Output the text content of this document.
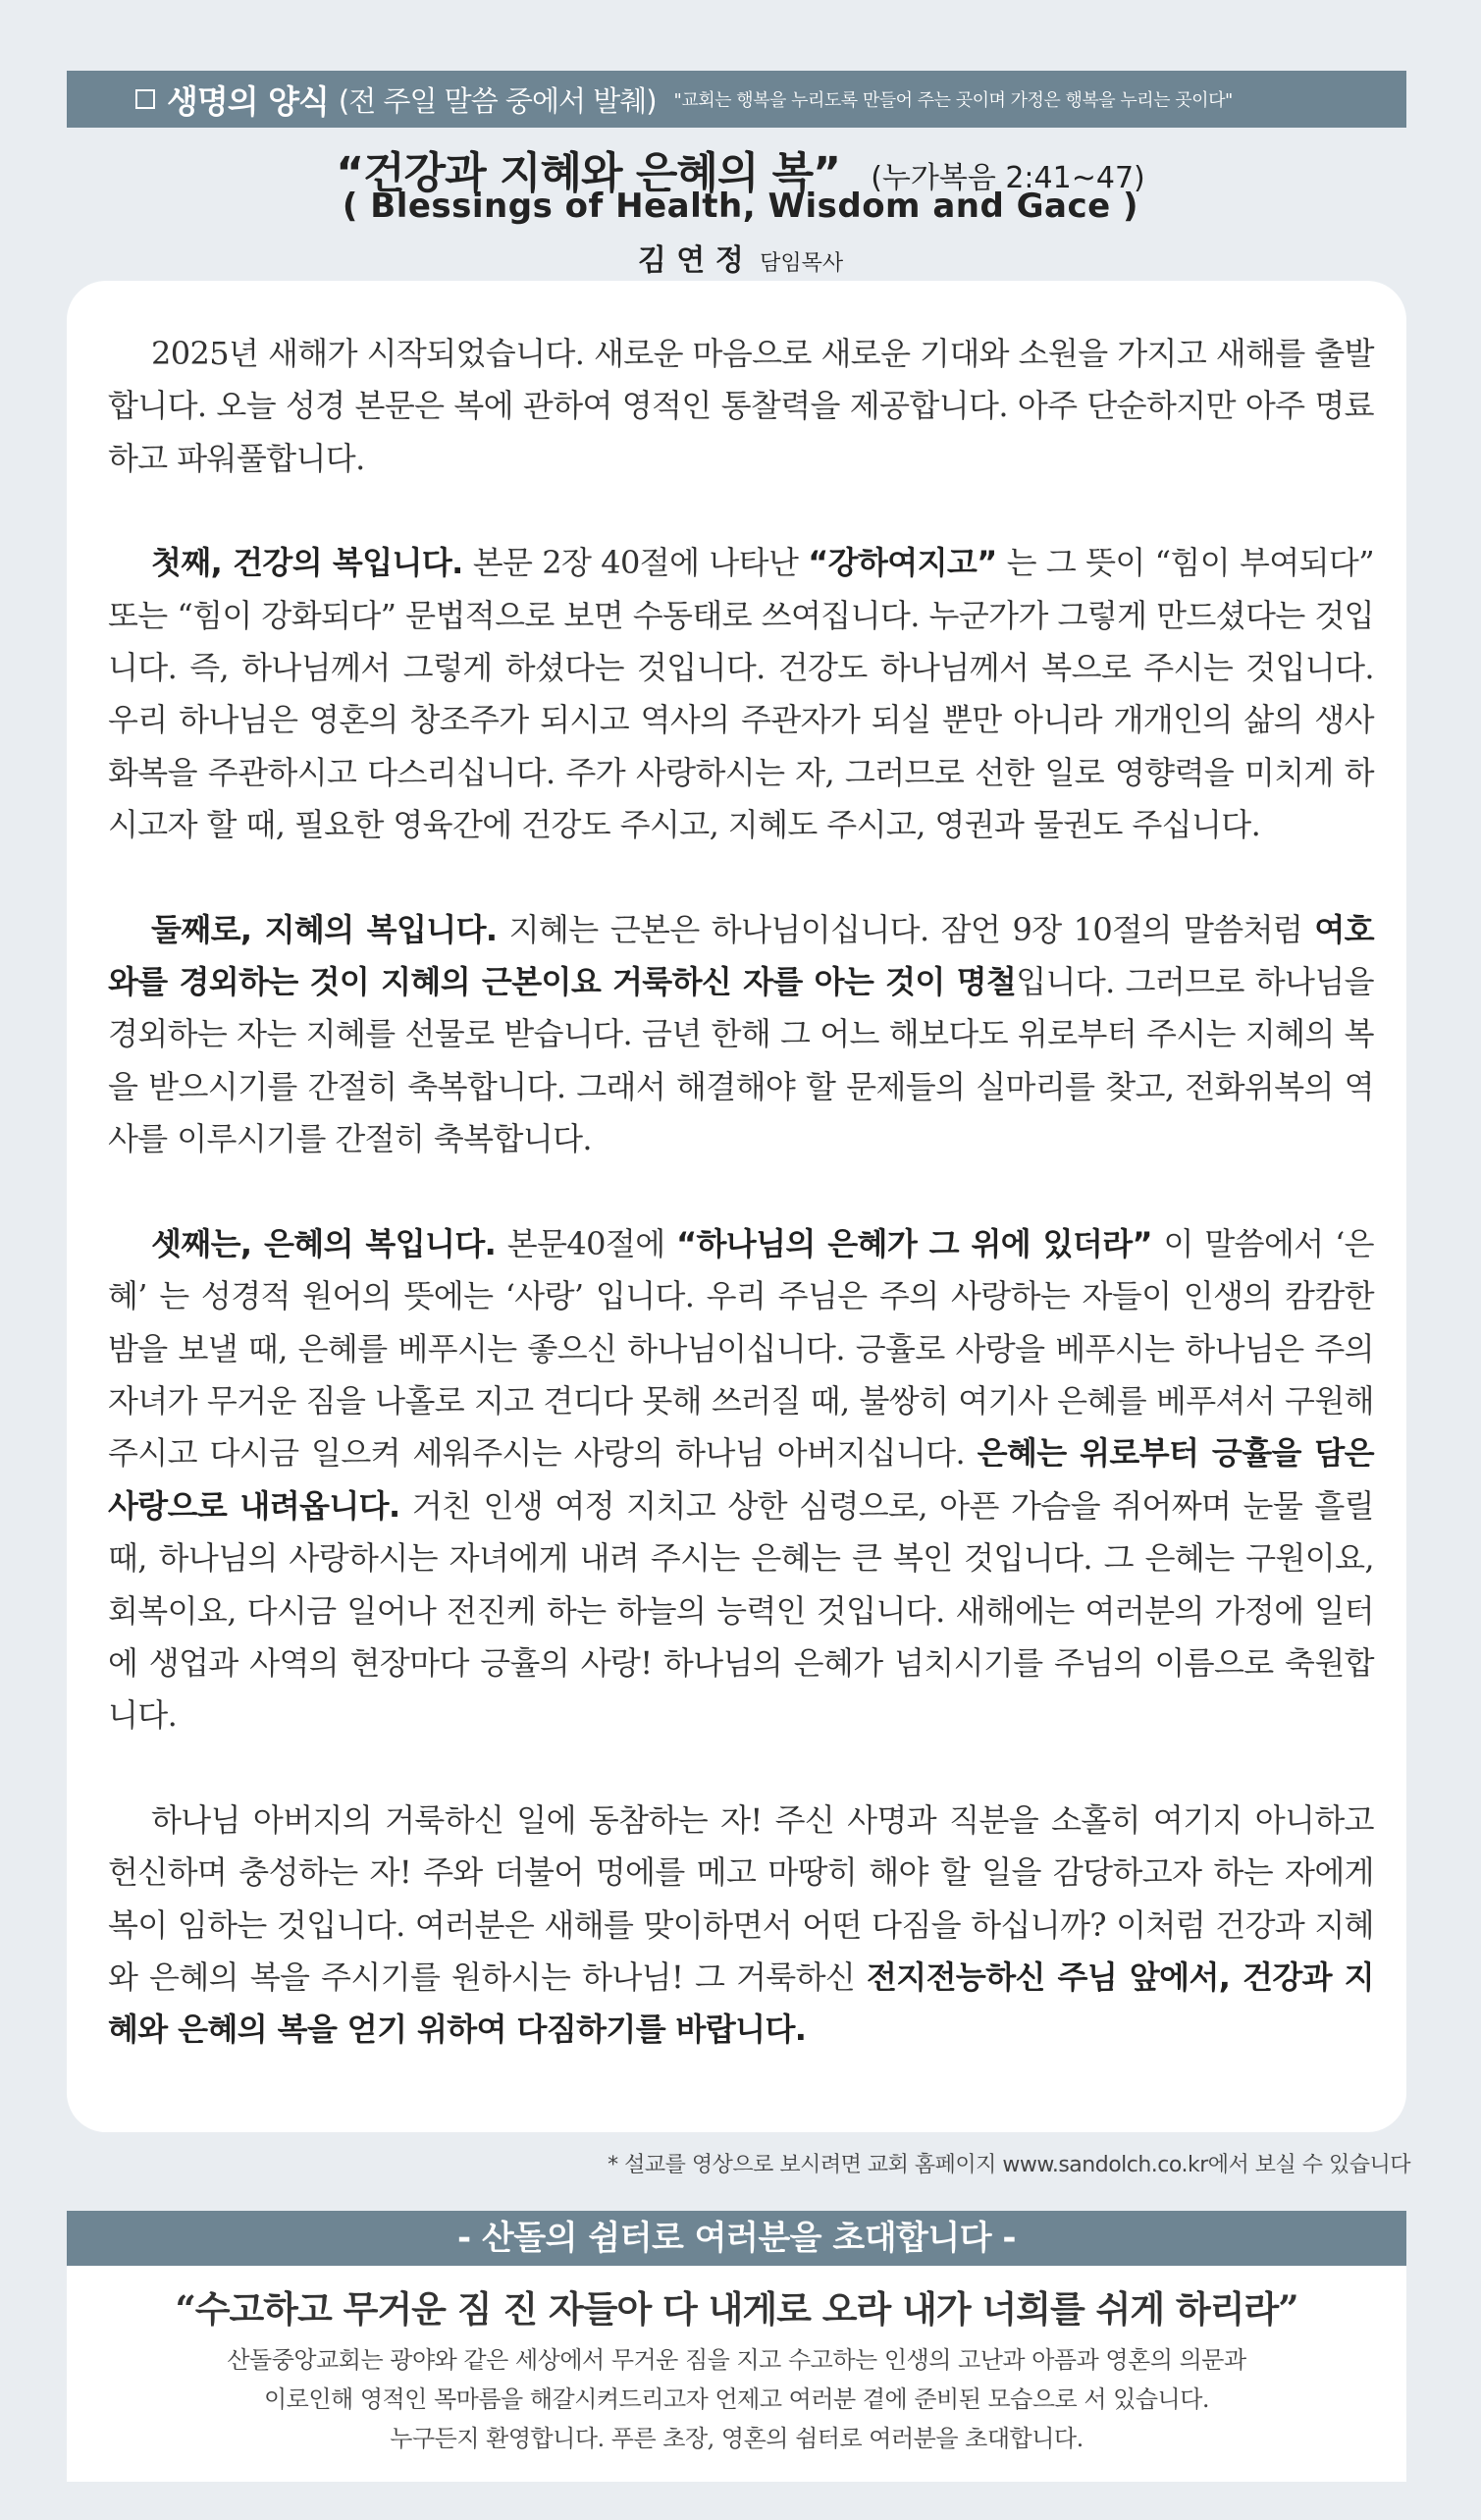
생명의 양식 (전 주일 말씀 중에서 발췌) "교회는 행복을 누리도록 만들어 주는 곳이며 가정은 행복을 누리는 곳이다"
“건강과 지혜와 은혜의 복” (누가복음 2:41~47)
( Blessings of Health, Wisdom and Gace )
김 연 정 담임목사

2025년 새해가 시작되었습니다. 새로운 마음으로 새로운 기대와 소원을 가지고 새해를 출발합니다. 오늘 성경 본문은 복에 관하여 영적인 통찰력을 제공합니다. 아주 단순하지만 아주 명료하고 파워풀합니다.

첫째, 건강의 복입니다. 본문 2장 40절에 나타난 “강하여지고” 는 그 뜻이 “힘이 부여되다” 또는 “힘이 강화되다” 문법적으로 보면 수동태로 쓰여집니다. 누군가가 그렇게 만드셨다는 것입니다. 즉, 하나님께서 그렇게 하셨다는 것입니다. 건강도 하나님께서 복으로 주시는 것입니다. 우리 하나님은 영혼의 창조주가 되시고 역사의 주관자가 되실 뿐만 아니라 개개인의 삶의 생사화복을 주관하시고 다스리십니다. 주가 사랑하시는 자, 그러므로 선한 일로 영향력을 미치게 하시고자 할 때, 필요한 영육간에 건강도 주시고, 지혜도 주시고, 영권과 물권도 주십니다.

둘째로, 지혜의 복입니다. 지혜는 근본은 하나님이십니다. 잠언 9장 10절의 말씀처럼 여호와를 경외하는 것이 지혜의 근본이요 거룩하신 자를 아는 것이 명철입니다. 그러므로 하나님을 경외하는 자는 지혜를 선물로 받습니다. 금년 한해 그 어느 해보다도 위로부터 주시는 지혜의 복을 받으시기를 간절히 축복합니다. 그래서 해결해야 할 문제들의 실마리를 찾고, 전화위복의 역사를 이루시기를 간절히 축복합니다.

셋째는, 은혜의 복입니다. 본문40절에 “하나님의 은혜가 그 위에 있더라” 이 말씀에서 ‘은혜’ 는 성경적 원어의 뜻에는 ‘사랑’ 입니다. 우리 주님은 주의 사랑하는 자들이 인생의 캄캄한 밤을 보낼 때, 은혜를 베푸시는 좋으신 하나님이십니다. 긍휼로 사랑을 베푸시는 하나님은 주의 자녀가 무거운 짐을 나홀로 지고 견디다 못해 쓰러질 때, 불쌍히 여기사 은혜를 베푸셔서 구원해 주시고 다시금 일으켜 세워주시는 사랑의 하나님 아버지십니다. 은혜는 위로부터 긍휼을 담은 사랑으로 내려옵니다. 거친 인생 여정 지치고 상한 심령으로, 아픈 가슴을 쥐어짜며 눈물 흘릴 때, 하나님의 사랑하시는 자녀에게 내려 주시는 은혜는 큰 복인 것입니다. 그 은혜는 구원이요, 회복이요, 다시금 일어나 전진케 하는 하늘의 능력인 것입니다. 새해에는 여러분의 가정에 일터에 생업과 사역의 현장마다 긍휼의 사랑! 하나님의 은혜가 넘치시기를 주님의 이름으로 축원합니다.

하나님 아버지의 거룩하신 일에 동참하는 자! 주신 사명과 직분을 소홀히 여기지 아니하고 헌신하며 충성하는 자! 주와 더불어 멍에를 메고 마땅히 해야 할 일을 감당하고자 하는 자에게 복이 임하는 것입니다. 여러분은 새해를 맞이하면서 어떤 다짐을 하십니까? 이처럼 건강과 지혜와 은혜의 복을 주시기를 원하시는 하나님! 그 거룩하신 전지전능하신 주님 앞에서, 건강과 지혜와 은혜의 복을 얻기 위하여 다짐하기를 바랍니다.

* 설교를 영상으로 보시려면 교회 홈페이지 www.sandolch.co.kr에서 보실 수 있습니다
- 산돌의 쉼터로 여러분을 초대합니다 -
“수고하고 무거운 짐 진 자들아 다 내게로 오라 내가 너희를 쉬게 하리라”
산돌중앙교회는 광야와 같은 세상에서 무거운 짐을 지고 수고하는 인생의 고난과 아픔과 영혼의 의문과
이로인해 영적인 목마름을 해갈시켜드리고자 언제고 여러분 곁에 준비된 모습으로 서 있습니다.
누구든지 환영합니다. 푸른 초장, 영혼의 쉼터로 여러분을 초대합니다.
